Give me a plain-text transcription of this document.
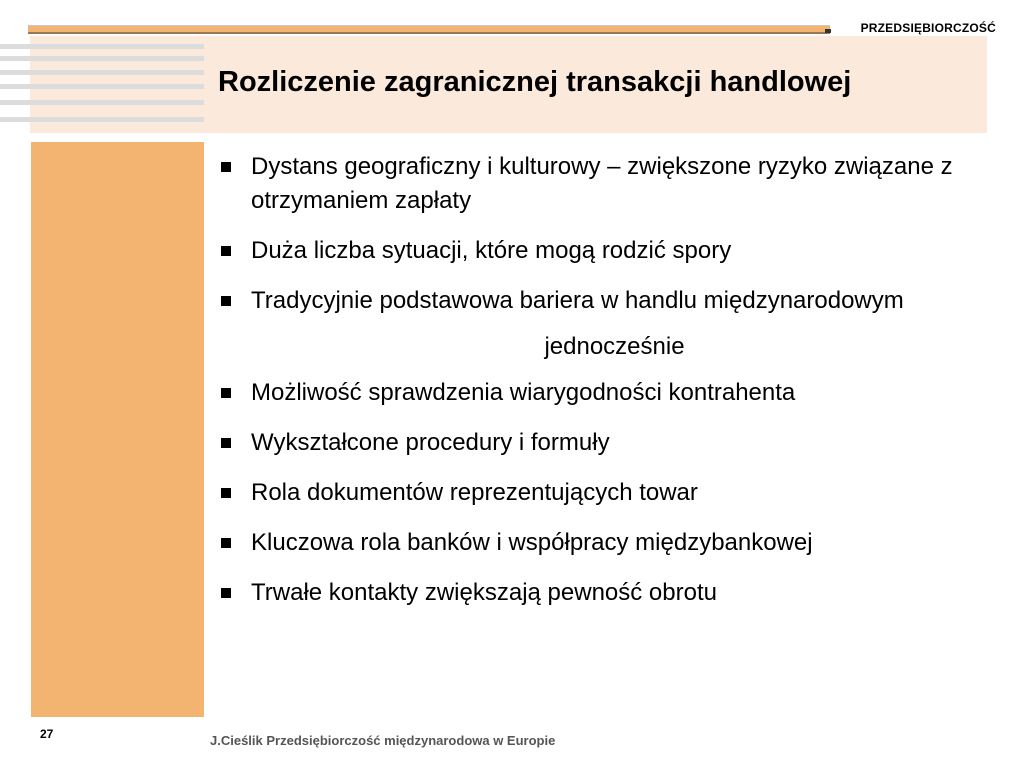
PRZEDSIĘBIORCZOŚĆ
Rozliczenie zagranicznej transakcji handlowej
Dystans geograficzny i kulturowy – zwiększone ryzyko związane z otrzymaniem zapłaty
Duża liczba sytuacji, które mogą rodzić spory
Tradycyjnie podstawowa bariera w handlu międzynarodowym
jednocześnie
Możliwość sprawdzenia wiarygodności kontrahenta
Wykształcone procedury i formuły
Rola dokumentów reprezentujących towar
Kluczowa rola banków i współpracy międzybankowej
Trwałe kontakty zwiększają pewność obrotu
27	J.Cieślik Przedsiębiorczość międzynarodowa w Europie
